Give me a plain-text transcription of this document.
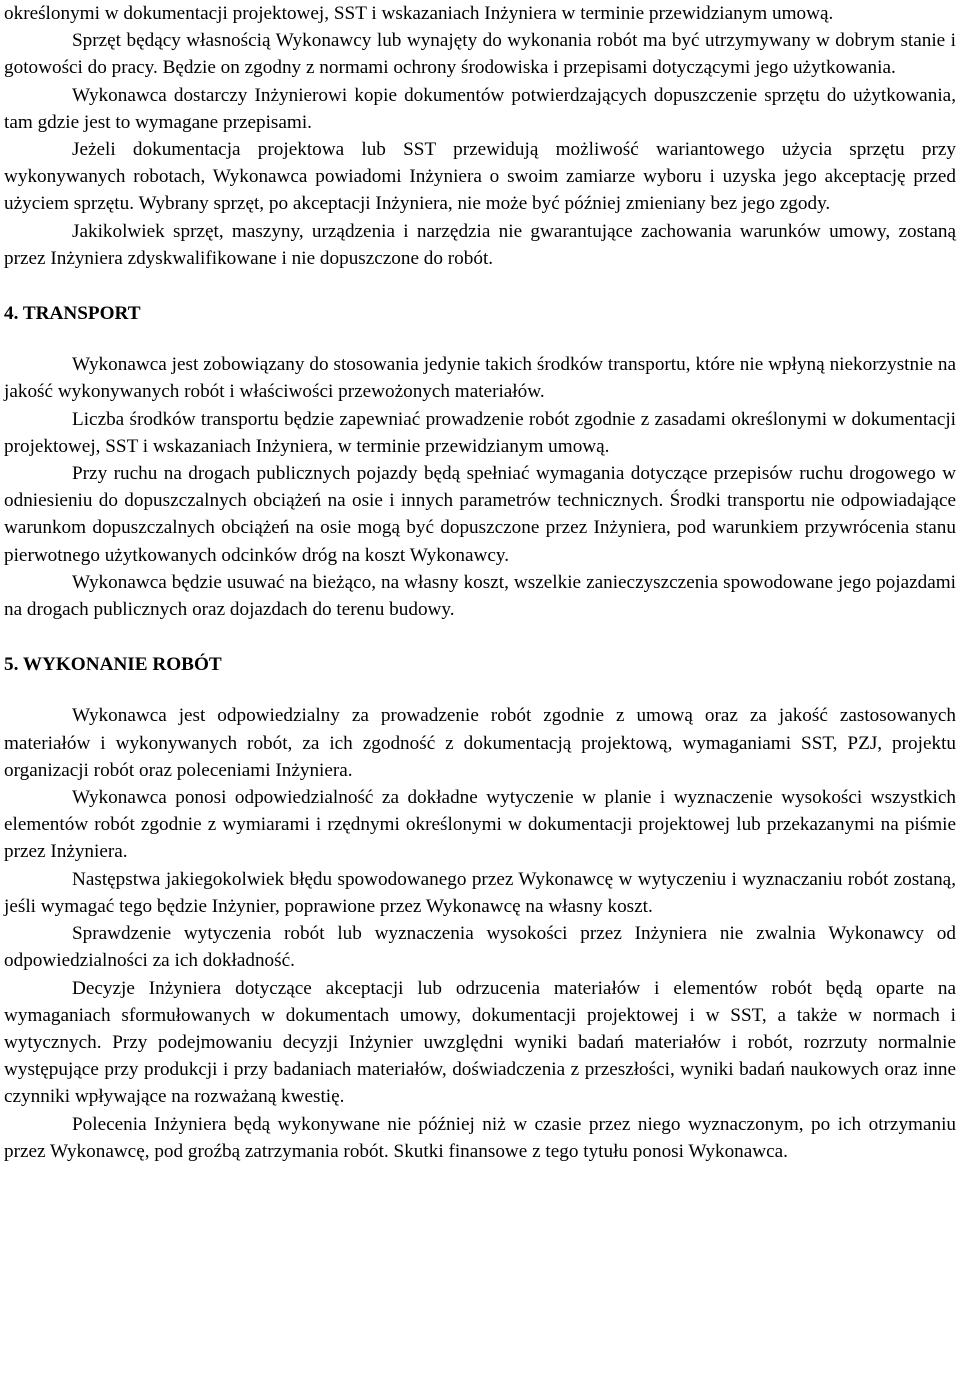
określonymi w dokumentacji projektowej, SST i wskazaniach Inżyniera w terminie przewidzianym umową.

Sprzęt będący własnością Wykonawcy lub wynajęty do wykonania robót ma być utrzymywany w dobrym stanie i gotowości do pracy. Będzie on zgodny z normami ochrony środowiska i przepisami dotyczącymi jego użytkowania.

Wykonawca dostarczy Inżynierowi kopie dokumentów potwierdzających dopuszczenie sprzętu do użytkowania, tam gdzie jest to wymagane przepisami.

Jeżeli dokumentacja projektowa lub SST przewidują możliwość wariantowego użycia sprzętu przy wykonywanych robotach, Wykonawca powiadomi Inżyniera o swoim zamiarze wyboru i uzyska jego akceptację przed użyciem sprzętu. Wybrany sprzęt, po akceptacji Inżyniera, nie może być później zmieniany bez jego zgody.

Jakikolwiek sprzęt, maszyny, urządzenia i narzędzia nie gwarantujące zachowania warunków umowy, zostaną przez Inżyniera zdyskwalifikowane i nie dopuszczone do robót.

4. TRANSPORT

Wykonawca jest zobowiązany do stosowania jedynie takich środków transportu, które nie wpłyną niekorzystnie na jakość wykonywanych robót i właściwości przewożonych materiałów.

Liczba środków transportu będzie zapewniać prowadzenie robót zgodnie z zasadami określonymi w dokumentacji projektowej, SST i wskazaniach Inżyniera, w terminie przewidzianym umową.

Przy ruchu na drogach publicznych pojazdy będą spełniać wymagania dotyczące przepisów ruchu drogowego w odniesieniu do dopuszczalnych obciążeń na osie i innych parametrów technicznych. Środki transportu nie odpowiadające warunkom dopuszczalnych obciążeń na osie mogą być dopuszczone przez Inżyniera, pod warunkiem przywrócenia stanu pierwotnego użytkowanych odcinków dróg na koszt Wykonawcy.

Wykonawca będzie usuwać na bieżąco, na własny koszt, wszelkie zanieczyszczenia spowodowane jego pojazdami na drogach publicznych oraz dojazdach do terenu budowy.

5. WYKONANIE ROBÓT

Wykonawca jest odpowiedzialny za prowadzenie robót zgodnie z umową oraz za jakość zastosowanych materiałów i wykonywanych robót, za ich zgodność z dokumentacją projektową, wymaganiami SST, PZJ, projektu organizacji robót oraz poleceniami Inżyniera.

Wykonawca ponosi odpowiedzialność za dokładne wytyczenie w planie i wyznaczenie wysokości wszystkich elementów robót zgodnie z wymiarami i rzędnymi określonymi w dokumentacji projektowej lub przekazanymi na piśmie przez Inżyniera.

Następstwa jakiegokolwiek błędu spowodowanego przez Wykonawcę w wytyczeniu i wyznaczaniu robót zostaną, jeśli wymagać tego będzie Inżynier, poprawione przez Wykonawcę na własny koszt.

Sprawdzenie wytyczenia robót lub wyznaczenia wysokości przez Inżyniera nie zwalnia Wykonawcy od odpowiedzialności za ich dokładność.

Decyzje Inżyniera dotyczące akceptacji lub odrzucenia materiałów i elementów robót będą oparte na wymaganiach sformułowanych w dokumentach umowy, dokumentacji projektowej i w SST, a także w normach i wytycznych. Przy podejmowaniu decyzji Inżynier uwzględni wyniki badań materiałów i robót, rozrzuty normalnie występujące przy produkcji i przy badaniach materiałów, doświadczenia z przeszłości, wyniki badań naukowych oraz inne czynniki wpływające na rozważaną kwestię.

Polecenia Inżyniera będą wykonywane nie później niż w czasie przez niego wyznaczonym, po ich otrzymaniu przez Wykonawcę, pod groźbą zatrzymania robót. Skutki finansowe z tego tytułu ponosi Wykonawca.
